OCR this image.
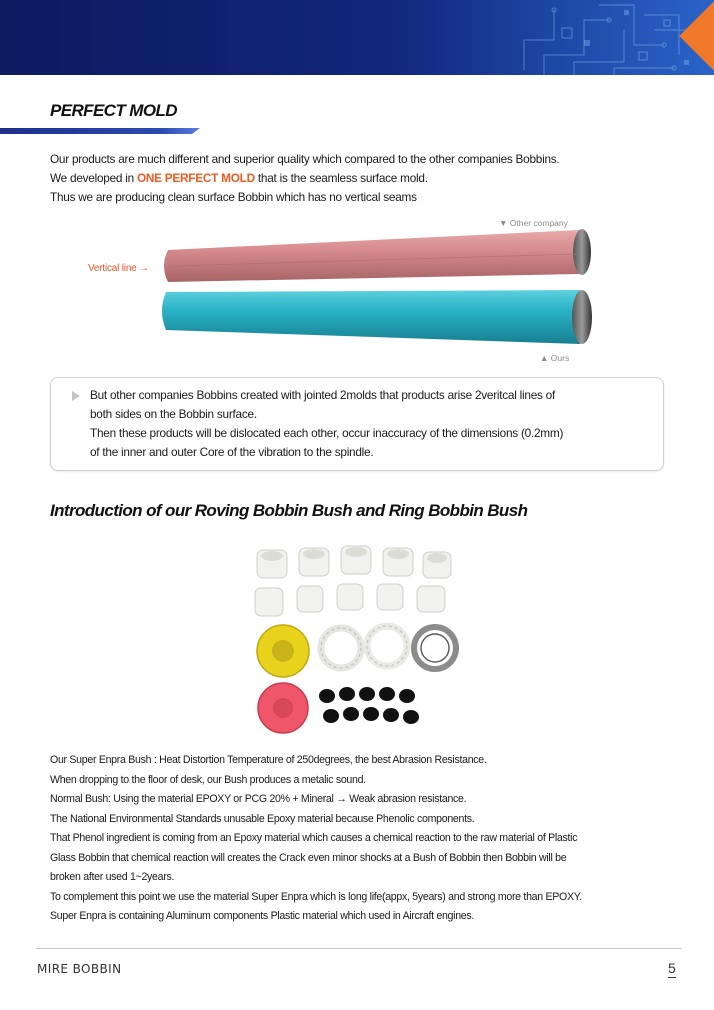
PERFECT MOLD
Our products are much different and superior quality which compared to the other companies Bobbins.
We developed in ONE PERFECT MOLD that is the seamless surface mold.
Thus we are producing clean surface Bobbin which has no vertical seams
Vertical line →
▼ Other company
▲ Ours
But other companies Bobbins created with jointed 2molds that products arise 2veritcal lines of
both sides on the Bobbin surface.
Then these products will be dislocated each other, occur inaccuracy of the dimensions (0.2mm)
of the inner and outer Core of the vibration to the spindle.
Introduction of our Roving Bobbin Bush and Ring Bobbin Bush
Our Super Enpra Bush : Heat Distortion Temperature of 250degrees, the best Abrasion Resistance.
When dropping to the floor of desk, our Bush produces a metalic sound.
Normal Bush: Using the material EPOXY or PCG 20% + Mineral → Weak abrasion resistance.
The National Environmental Standards unusable Epoxy material because Phenolic components.
That Phenol ingredient is coming from an Epoxy material which causes a chemical reaction to the raw material of Plastic
Glass Bobbin that chemical reaction will creates the Crack even minor shocks at a Bush of Bobbin then Bobbin will be
broken after used 1~2years.
To complement this point we use the material Super Enpra which is long life(appx, 5years) and strong more than EPOXY.
Super Enpra is containing Aluminum components Plastic material which used in Aircraft engines.
MIRE BOBBIN	5
